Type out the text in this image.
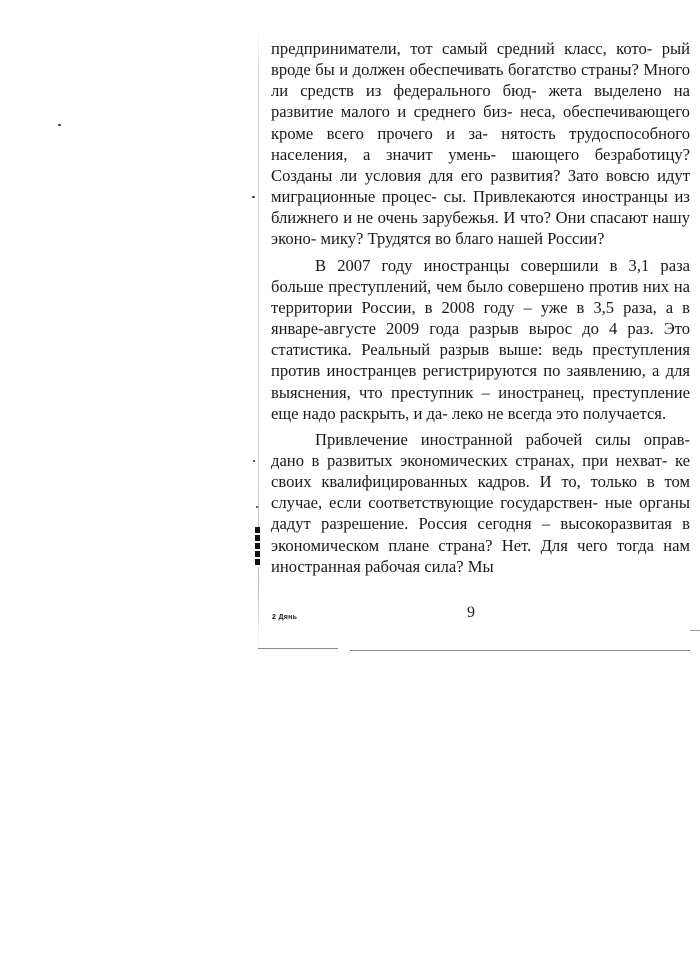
предприниматели, тот самый средний класс, кото- рый вроде бы и должен обеспечивать богатство страны? Много ли средств из федерального бюд- жета выделено на развитие малого и среднего биз- неса, обеспечивающего кроме всего прочего и за- нятость трудоспособного населения, а значит умень- шающего безработицу? Созданы ли условия для его развития? Зато вовсю идут миграционные процес- сы. Привлекаются иностранцы из ближнего и не очень зарубежья. И что? Они спасают нашу эконо- мику? Трудятся во благо нашей России?

В 2007 году иностранцы совершили в 3,1 раза больше преступлений, чем было совершено против них на территории России, в 2008 году – уже в 3,5 раза, а в январе-августе 2009 года разрыв вырос до 4 раз. Это статистика. Реальный разрыв выше: ведь преступления против иностранцев регистрируются по заявлению, а для выяснения, что преступник – иностранец, преступление еще надо раскрыть, и да- леко не всегда это получается.

Привлечение иностранной рабочей силы оправ- дано в развитых экономических странах, при нехват- ке своих квалифицированных кадров. И то, только в том случае, если соответствующие государствен- ные органы дадут разрешение. Россия сегодня – высокоразвитая в экономическом плане страна? Нет. Для чего тогда нам иностранная рабочая сила? Мы

9
2 Дянь
